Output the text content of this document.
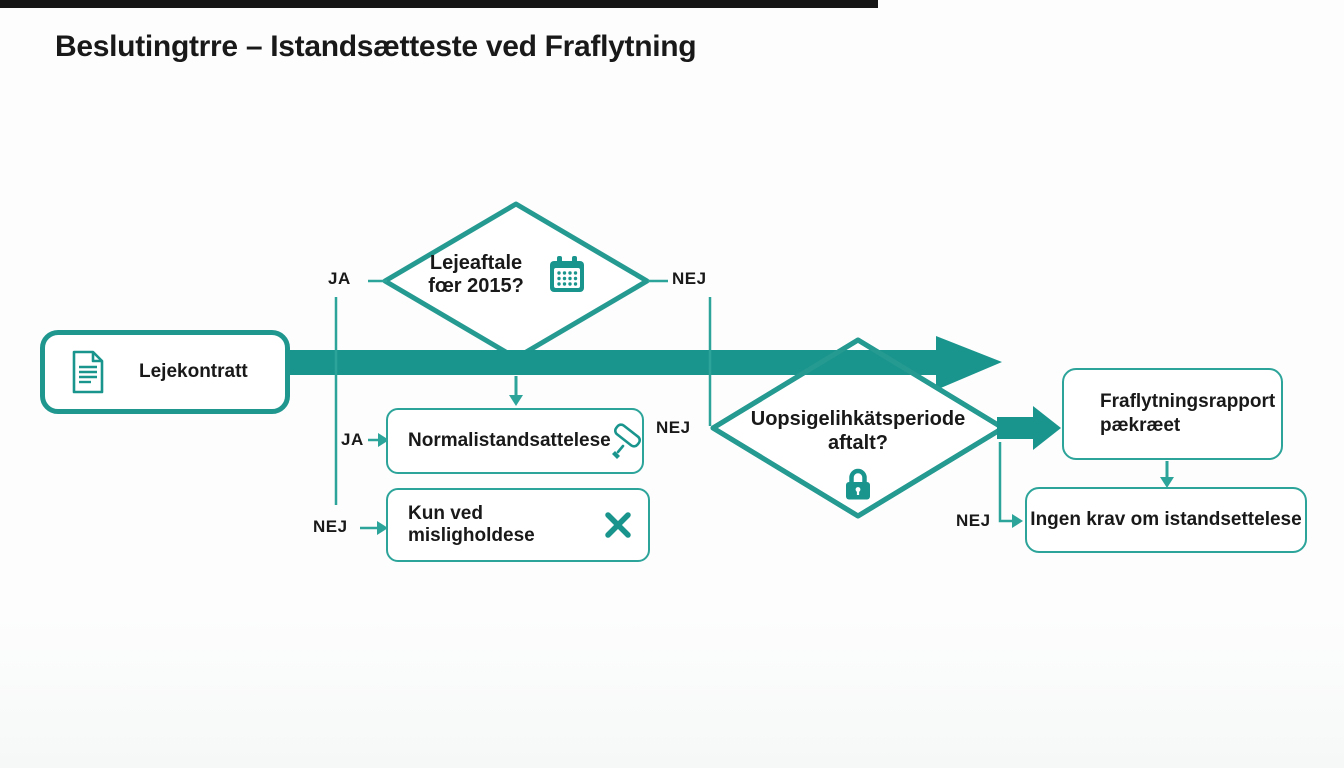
Beslutingtrre – Istandsætteste ved Fraflytning
Lejekontratt
Lejeaftale
fœr 2015?
Normalistandsattelese
Kun ved misligholdese
Uopsigelihkätsperiode
aftalt?
Fraflytningsrapport
pækræet
Ingen krav om istandsettelese
JA	NEJ
JA
NEJ
NEJ	NEJ
